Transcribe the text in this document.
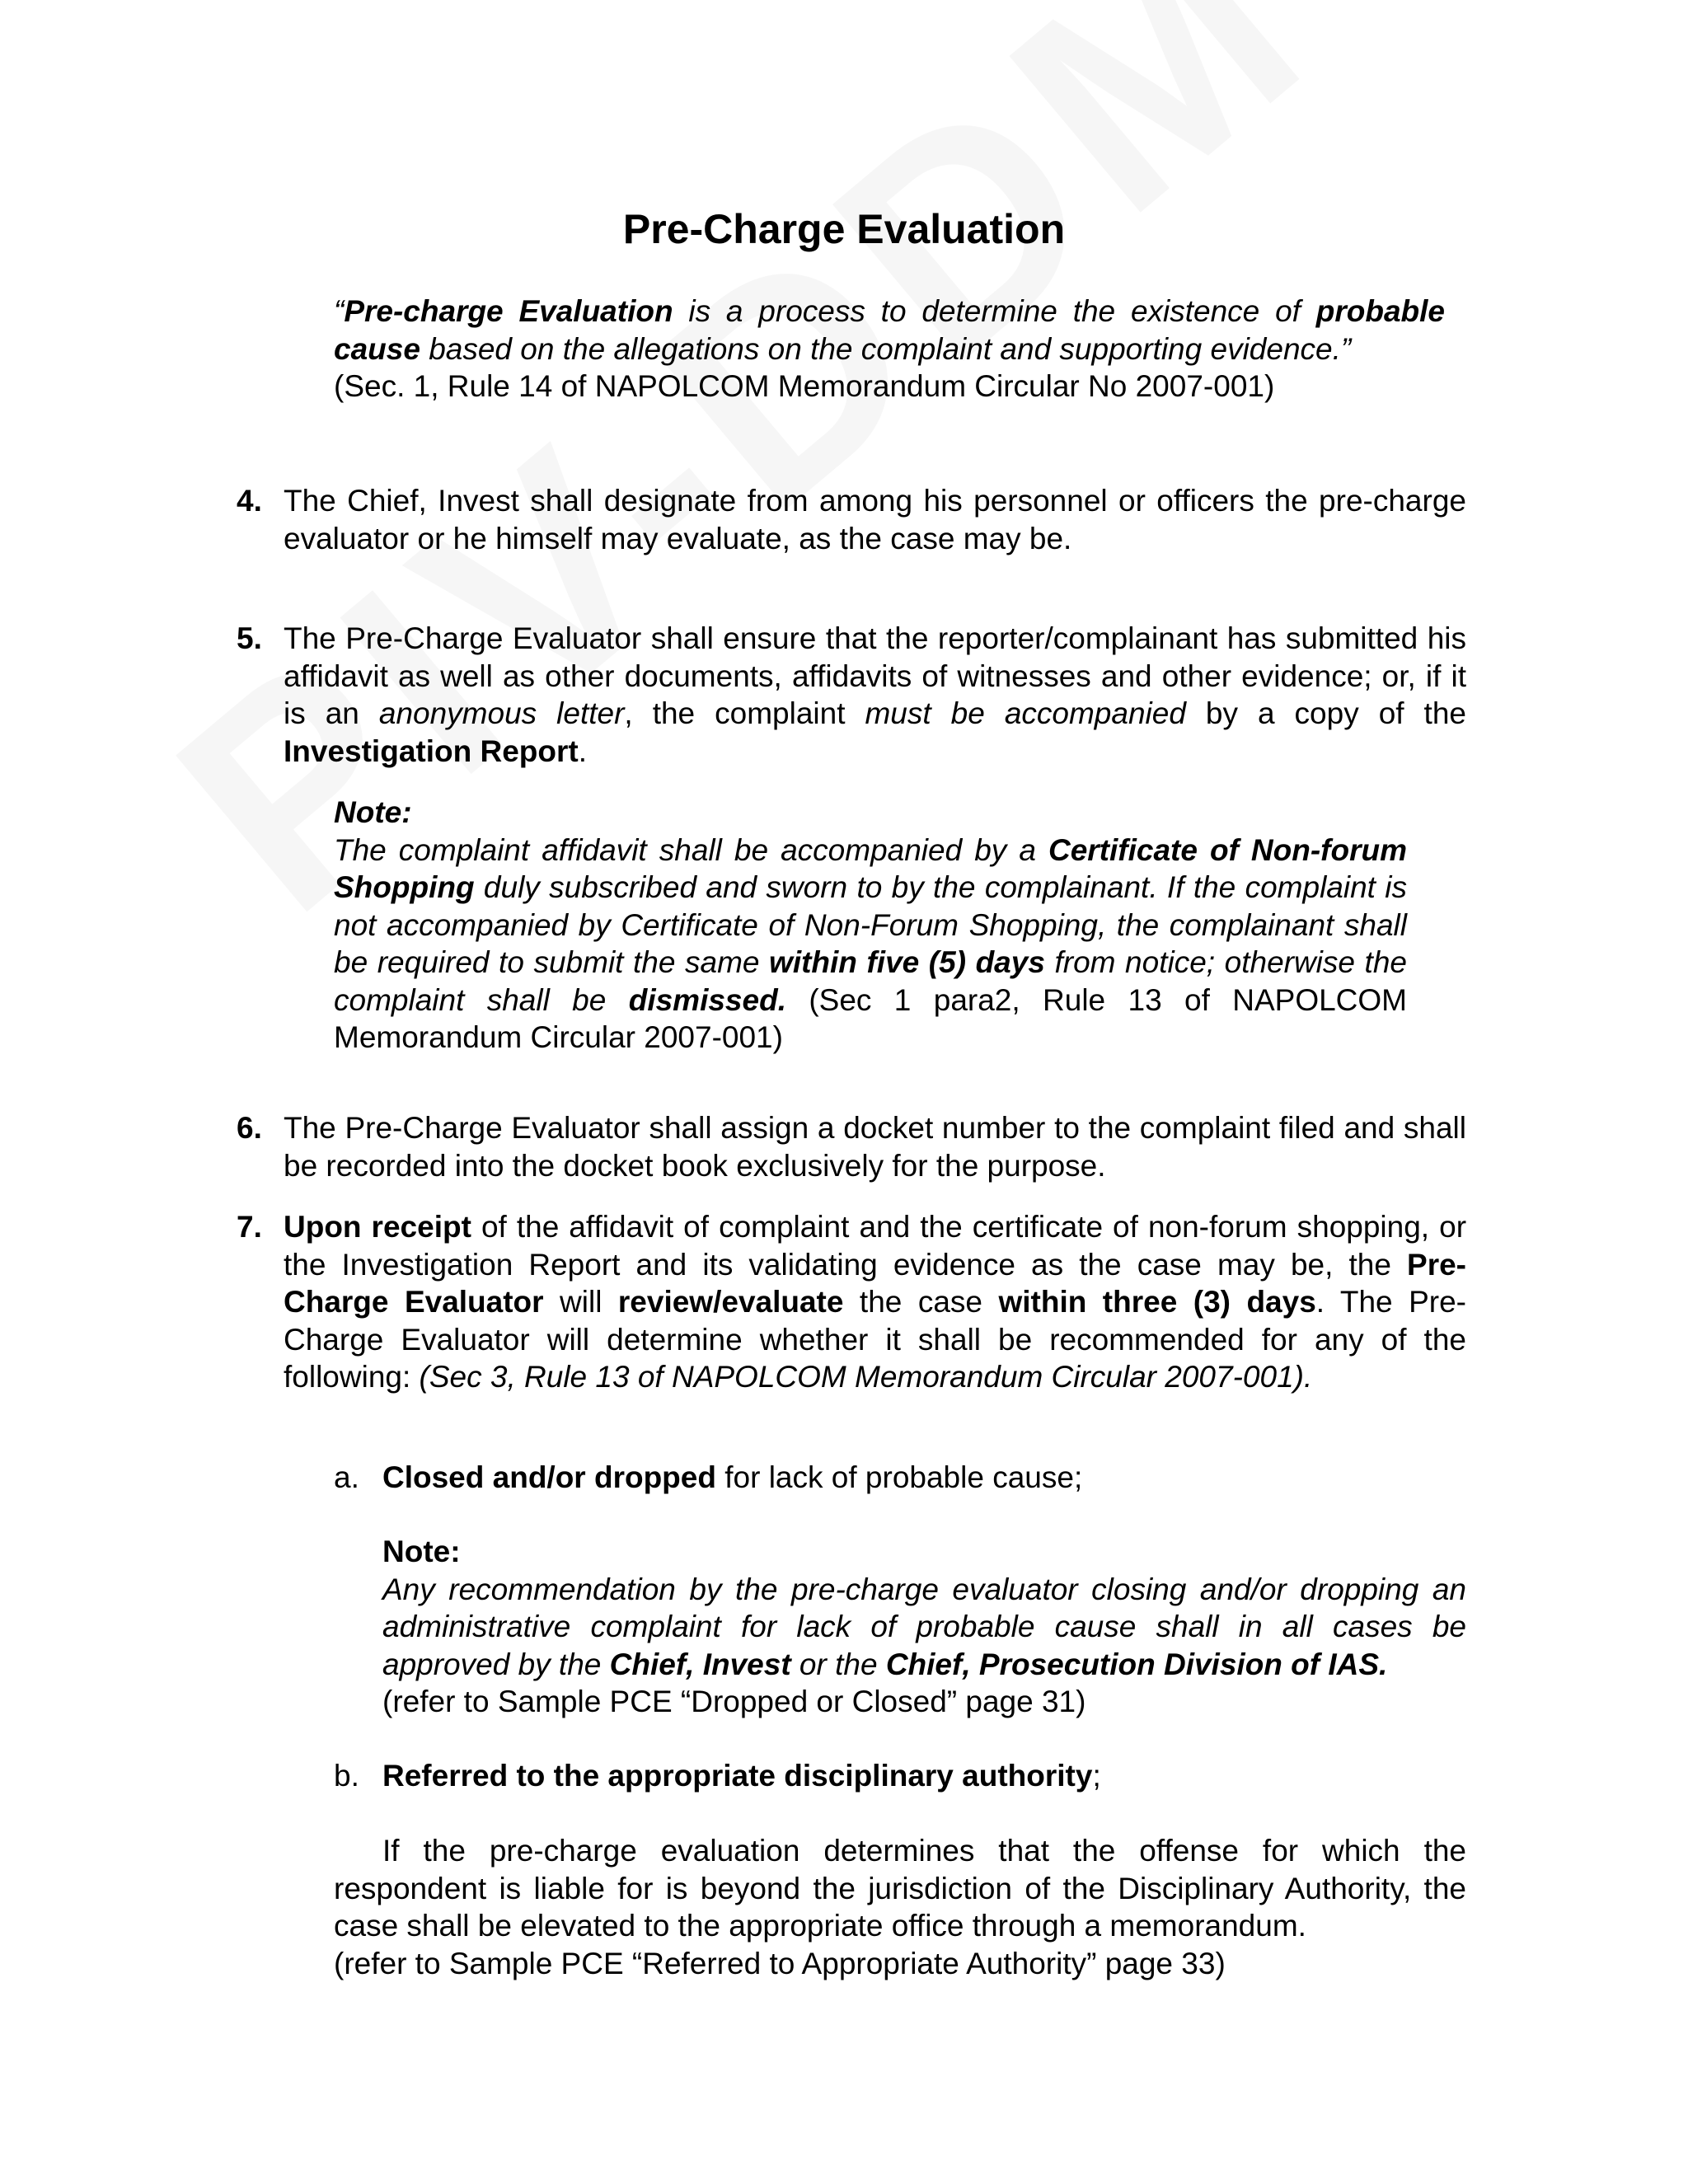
Pre-Charge Evaluation
“Pre-charge Evaluation is a process to determine the existence of probable cause based on the allegations on the complaint and supporting evidence.”
(Sec. 1, Rule 14 of NAPOLCOM Memorandum Circular No 2007-001)
4. The Chief, Invest shall designate from among his personnel or officers the pre-charge evaluator or he himself may evaluate, as the case may be.
5. The Pre-Charge Evaluator shall ensure that the reporter/complainant has submitted his affidavit as well as other documents, affidavits of witnesses and other evidence; or, if it is an anonymous letter, the complaint must be accompanied by a copy of the Investigation Report.
Note:
The complaint affidavit shall be accompanied by a Certificate of Non-forum Shopping duly subscribed and sworn to by the complainant. If the complaint is not accompanied by Certificate of Non-Forum Shopping, the complainant shall be required to submit the same within five (5) days from notice; otherwise the complaint shall be dismissed. (Sec 1 para2, Rule 13 of NAPOLCOM Memorandum Circular 2007-001)
6. The Pre-Charge Evaluator shall assign a docket number to the complaint filed and shall be recorded into the docket book exclusively for the purpose.
7. Upon receipt of the affidavit of complaint and the certificate of non-forum shopping, or the Investigation Report and its validating evidence as the case may be, the Pre-Charge Evaluator will review/evaluate the case within three (3) days. The Pre-Charge Evaluator will determine whether it shall be recommended for any of the following: (Sec 3, Rule 13 of NAPOLCOM Memorandum Circular 2007-001).
a. Closed and/or dropped for lack of probable cause;
Note:
Any recommendation by the pre-charge evaluator closing and/or dropping an administrative complaint for lack of probable cause shall in all cases be approved by the Chief, Invest or the Chief, Prosecution Division of IAS.
(refer to Sample PCE “Dropped or Closed” page 31)
b. Referred to the appropriate disciplinary authority;
If the pre-charge evaluation determines that the offense for which the respondent is liable for is beyond the jurisdiction of the Disciplinary Authority, the case shall be elevated to the appropriate office through a memorandum.
(refer to Sample PCE “Referred to Appropriate Authority” page 33)
